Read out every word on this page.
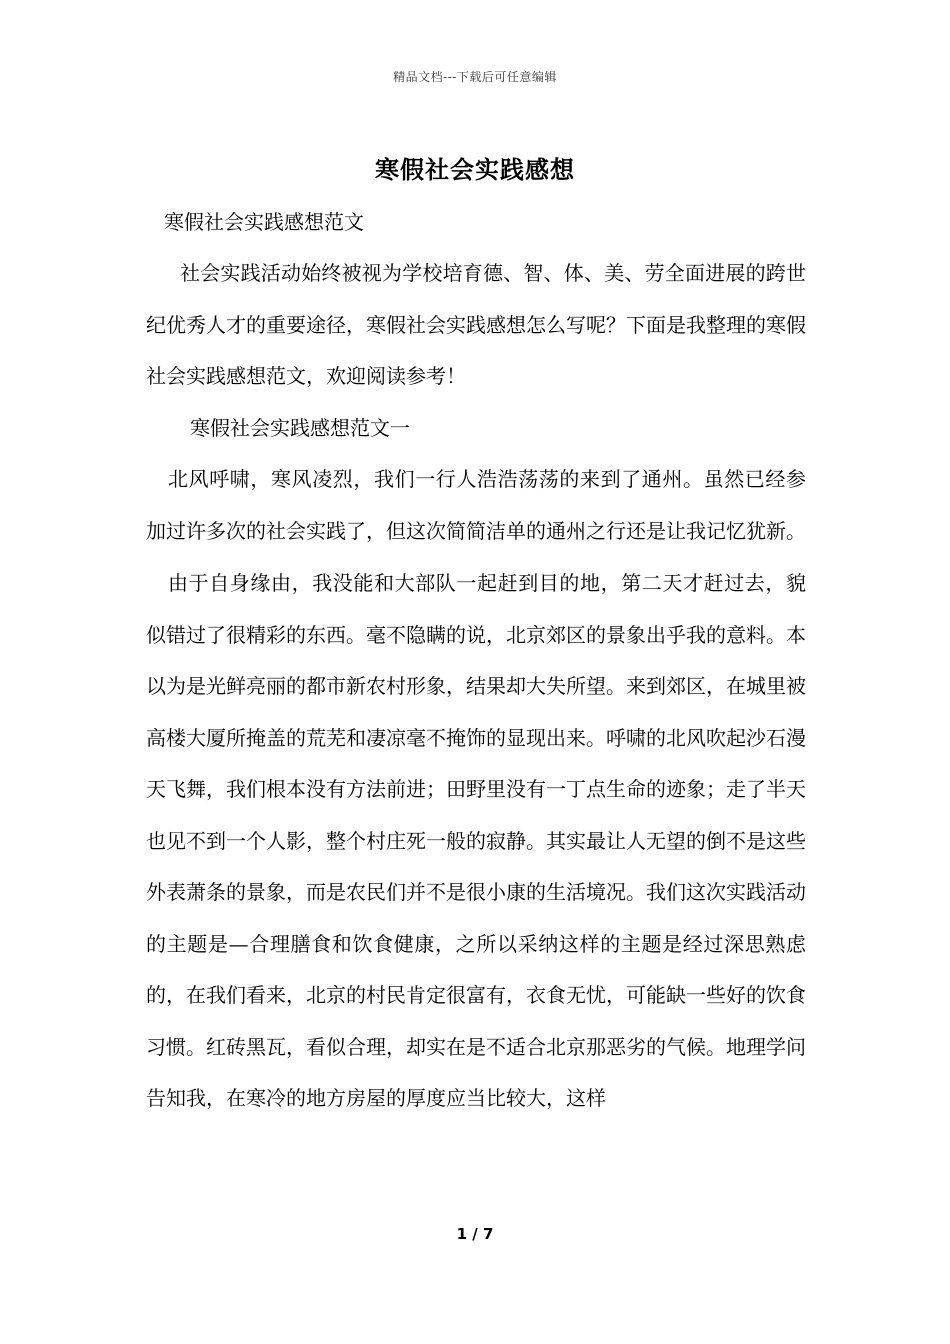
精品文档---下载后可任意编辑
寒假社会实践感想

寒假社会实践感想范文

社会实践活动始终被视为学校培育德、智、体、美、劳全面进展的跨世纪优秀人才的重要途径，寒假社会实践感想怎么写呢？下面是我整理的寒假社会实践感想范文，欢迎阅读参考！

寒假社会实践感想范文一

北风呼啸，寒风凌烈，我们一行人浩浩荡荡的来到了通州。虽然已经参加过许多次的社会实践了，但这次简简洁单的通州之行还是让我记忆犹新。

由于自身缘由，我没能和大部队一起赶到目的地，第二天才赶过去，貌似错过了很精彩的东西。毫不隐瞒的说，北京郊区的景象出乎我的意料。本以为是光鲜亮丽的都市新农村形象，结果却大失所望。来到郊区，在城里被高楼大厦所掩盖的荒芜和凄凉毫不掩饰的显现出来。呼啸的北风吹起沙石漫天飞舞，我们根本没有方法前进；田野里没有一丁点生命的迹象；走了半天也见不到一个人影，整个村庄死一般的寂静。其实最让人无望的倒不是这些外表萧条的景象，而是农民们并不是很小康的生活境况。我们这次实践活动的主题是—合理膳食和饮食健康，之所以采纳这样的主题是经过深思熟虑的，在我们看来，北京的村民肯定很富有，衣食无忧，可能缺一些好的饮食习惯。红砖黑瓦，看似合理，却实在是不适合北京那恶劣的气候。地理学问告知我，在寒冷的地方房屋的厚度应当比较大，这样

1 / 7
